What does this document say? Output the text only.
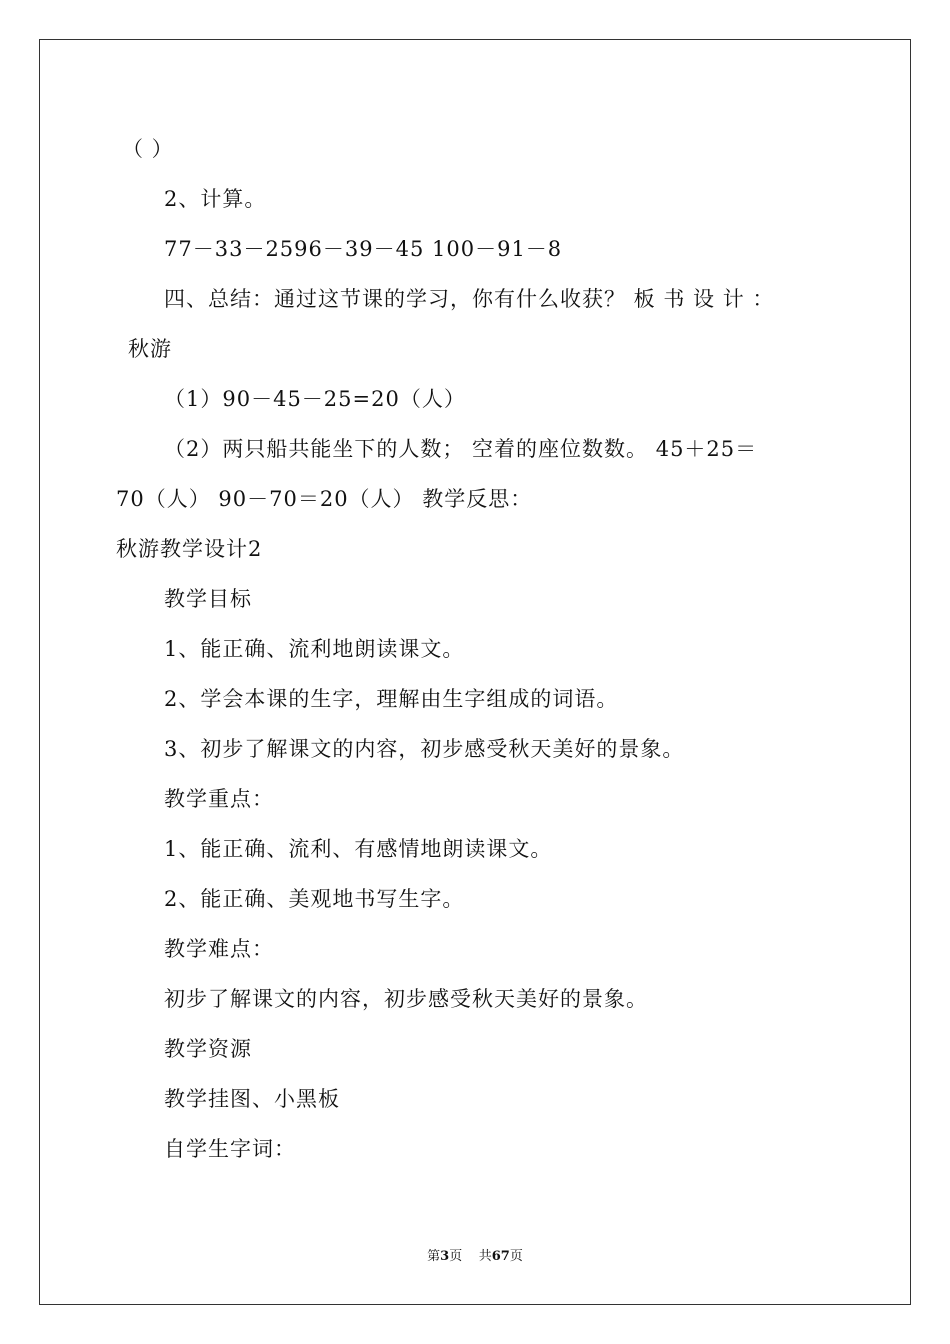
（ ）
2、计算。
77－33－2596－39－45 100－91－8
四、总结：通过这节课的学习，你有什么收获？ 板 书 设 计 ：
秋游
（1）90－45－25=20（人）
（2）两只船共能坐下的人数； 空着的座位数数。 45＋25＝
70（人） 90－70＝20（人） 教学反思：
秋游教学设计2
教学目标
1、能正确、流利地朗读课文。
2、学会本课的生字，理解由生字组成的词语。
3、初步了解课文的内容，初步感受秋天美好的景象。
教学重点：
1、能正确、流利、有感情地朗读课文。
2、能正确、美观地书写生字。
教学难点：
初步了解课文的内容，初步感受秋天美好的景象。
教学资源
教学挂图、小黑板
自学生字词：
第3页 共67页
